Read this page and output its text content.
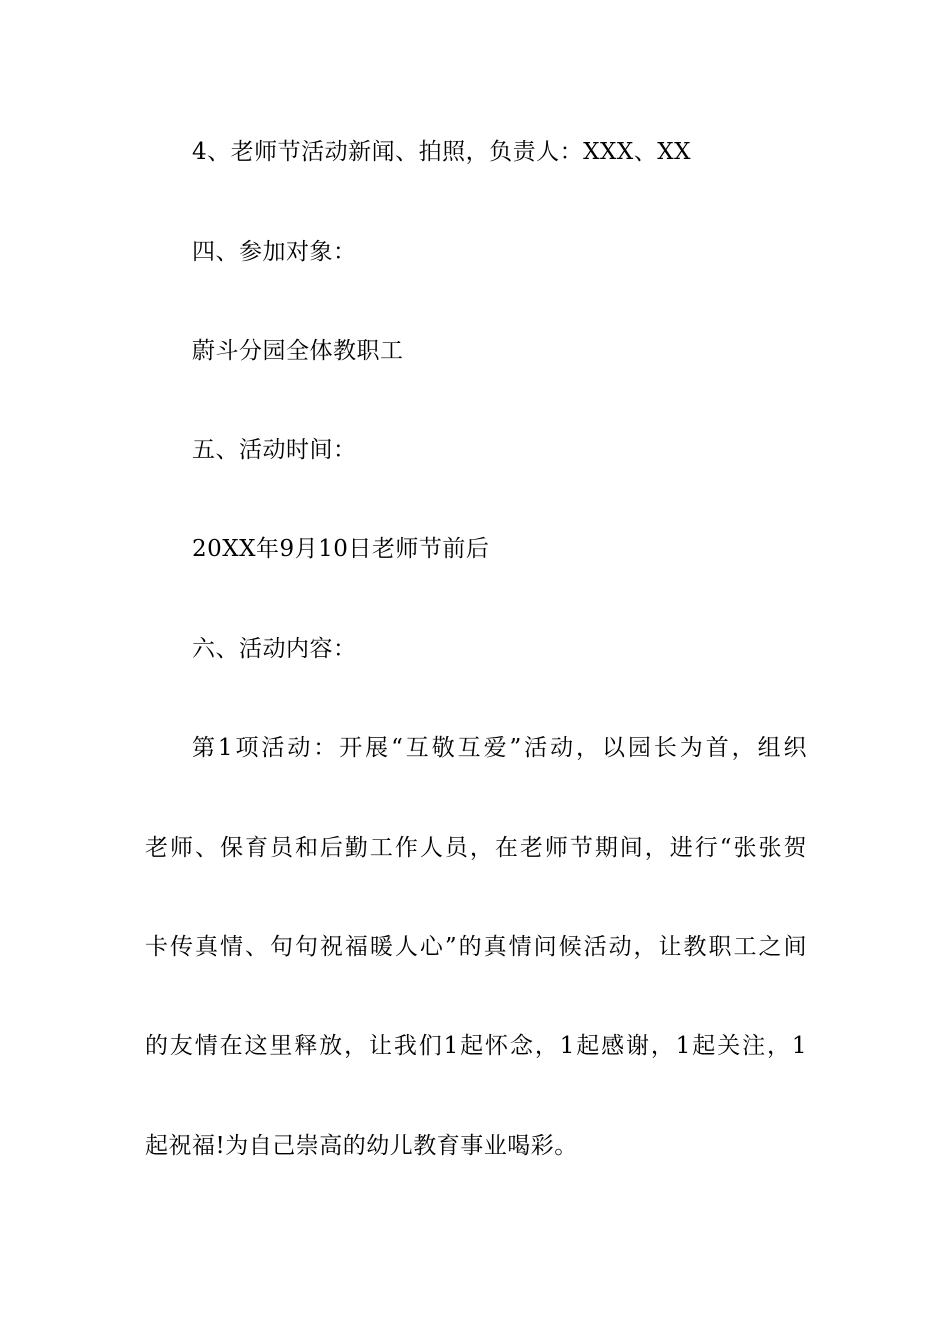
4、老师节活动新闻、拍照，负责人：XXX、XX
四、参加对象：
蔚斗分园全体教职工
五、活动时间：
20XX年9月10日老师节前后
六、活动内容：
第1项活动：开展“互敬互爱”活动，以园长为首，组织
老师、保育员和后勤工作人员，在老师节期间，进行“张张贺
卡传真情、句句祝福暖人心”的真情问候活动，让教职工之间
的友情在这里释放，让我们1起怀念，1起感谢，1起关注，1
起祝福!为自己崇高的幼儿教育事业喝彩。
